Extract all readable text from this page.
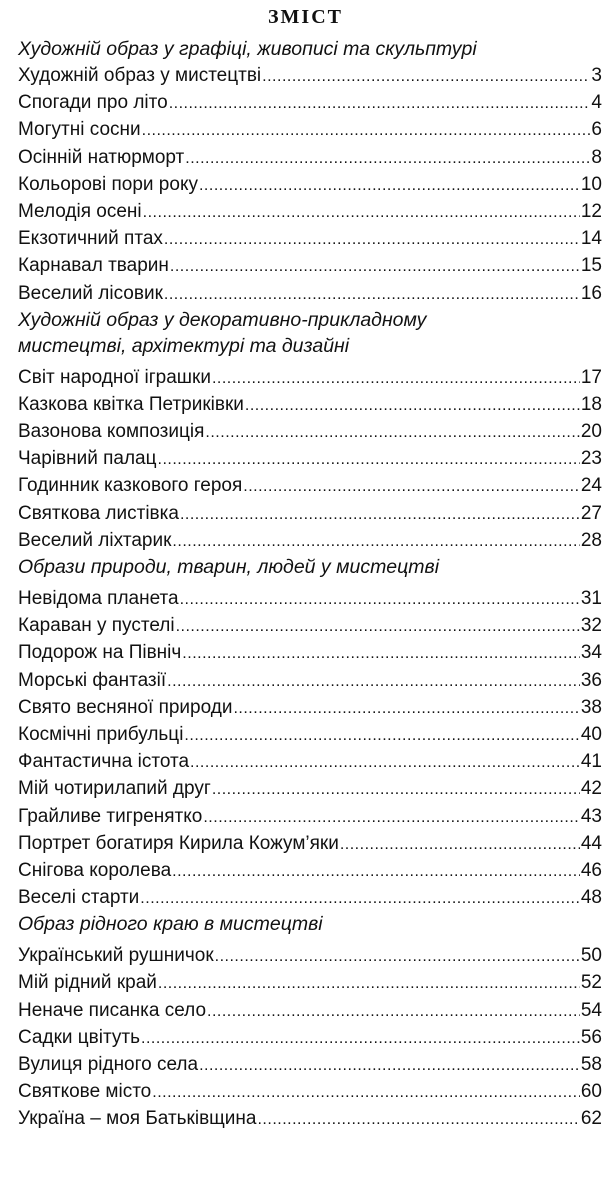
ЗМІСТ
Художній образ у графіці, живописі та скульптурі
Художній образ у мистецтві .....	3
Спогади про літо .....	4
Могутні сосни .....	6
Осінній натюрморт .....	8
Кольорові пори року .....	10
Мелодія осені .....	12
Екзотичний птах .....	14
Карнавал тварин .....	15
Веселий лісовик .....	16
Художній образ у декоративно-прикладному
мистецтві, архітектурі та дизайні
Світ народної іграшки .....	17
Казкова квітка Петриківки .....	18
Вазонова композиція .....	20
Чарівний палац .....	23
Годинник казкового героя .....	24
Святкова листівка .....	27
Веселий ліхтарик .....	28
Образи природи, тварин, людей у мистецтві
Невідома планета .....	31
Караван у пустелі .....	32
Подорож на Північ .....	34
Морські фантазії .....	36
Свято весняної природи .....	38
Космічні прибульці .....	40
Фантастична істота .....	41
Мій чотирилапий друг .....	42
Грайливе тигренятко .....	43
Портрет богатиря Кирила Кожум’яки .....	44
Снігова королева .....	46
Веселі старти .....	48
Образ рідного краю в мистецтві
Український рушничок .....	50
Мій рідний край .....	52
Неначе писанка село .....	54
Садки цвітуть .....	56
Вулиця рідного села .....	58
Святкове місто .....	60
Україна – моя Батьківщина .....	62
